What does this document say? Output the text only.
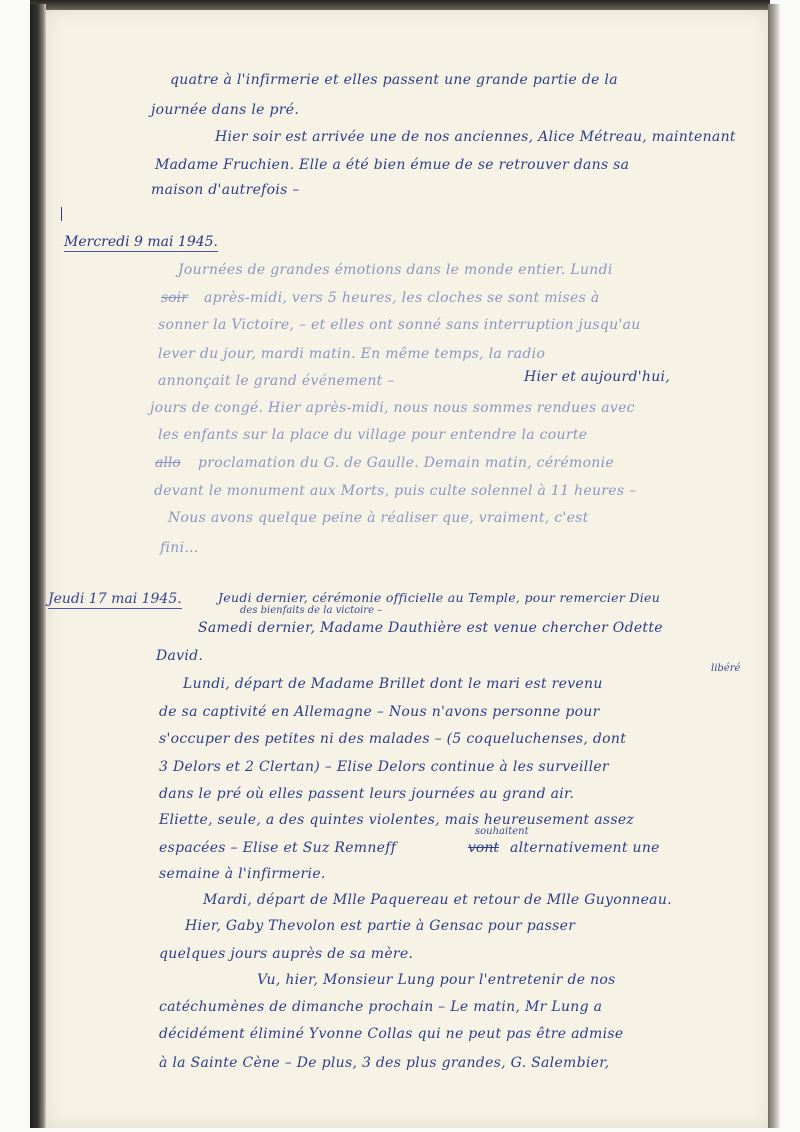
quatre à l'infirmerie et elles passent une grande partie de la
journée dans le pré.
Hier soir est arrivée une de nos anciennes, Alice Métreau, maintenant
Madame Fruchien. Elle a été bien émue de se retrouver dans sa
maison d'autrefois –
Mercredi 9 mai 1945.
Journées de grandes émotions dans le monde entier. Lundi
soir après-midi, vers 5 heures, les cloches se sont mises à
sonner la Victoire, – et elles ont sonné sans interruption jusqu'au
lever du jour, mardi matin. En même temps, la radio
annonçait le grand événement –	Hier et aujourd'hui,
jours de congé. Hier après-midi, nous nous sommes rendues avec
les enfants sur la place du village pour entendre la courte
allo proclamation du G. de Gaulle. Demain matin, cérémonie
devant le monument aux Morts, puis culte solennel à 11 heures –
Nous avons quelque peine à réaliser que, vraiment, c'est
fini...
Jeudi 17 mai 1945.	Jeudi dernier, cérémonie officielle au Temple, pour remercier Dieu
des bienfaits de la victoire –
Samedi dernier, Madame Dauthière est venue chercher Odette
David.
libéré
Lundi, départ de Madame Brillet dont le mari est revenu
de sa captivité en Allemagne – Nous n'avons personne pour
s'occuper des petites ni des malades – (5 coqueluchenses, dont
3 Delors et 2 Clertan) – Elise Delors continue à les surveiller
dans le pré où elles passent leurs journées au grand air.
Eliette, seule, a des quintes violentes, mais heureusement assez
espacées – Elise et Suz Remneff
souhaitent
vont alternativement une
semaine à l'infirmerie.
Mardi, départ de Mlle Paquereau et retour de Mlle Guyonneau.
Hier, Gaby Thevolon est partie à Gensac pour passer
quelques jours auprès de sa mère.
Vu, hier, Monsieur Lung pour l'entretenir de nos
catéchumènes de dimanche prochain – Le matin, Mr Lung a
décidément éliminé Yvonne Collas qui ne peut pas être admise
à la Sainte Cène – De plus, 3 des plus grandes, G. Salembier,
